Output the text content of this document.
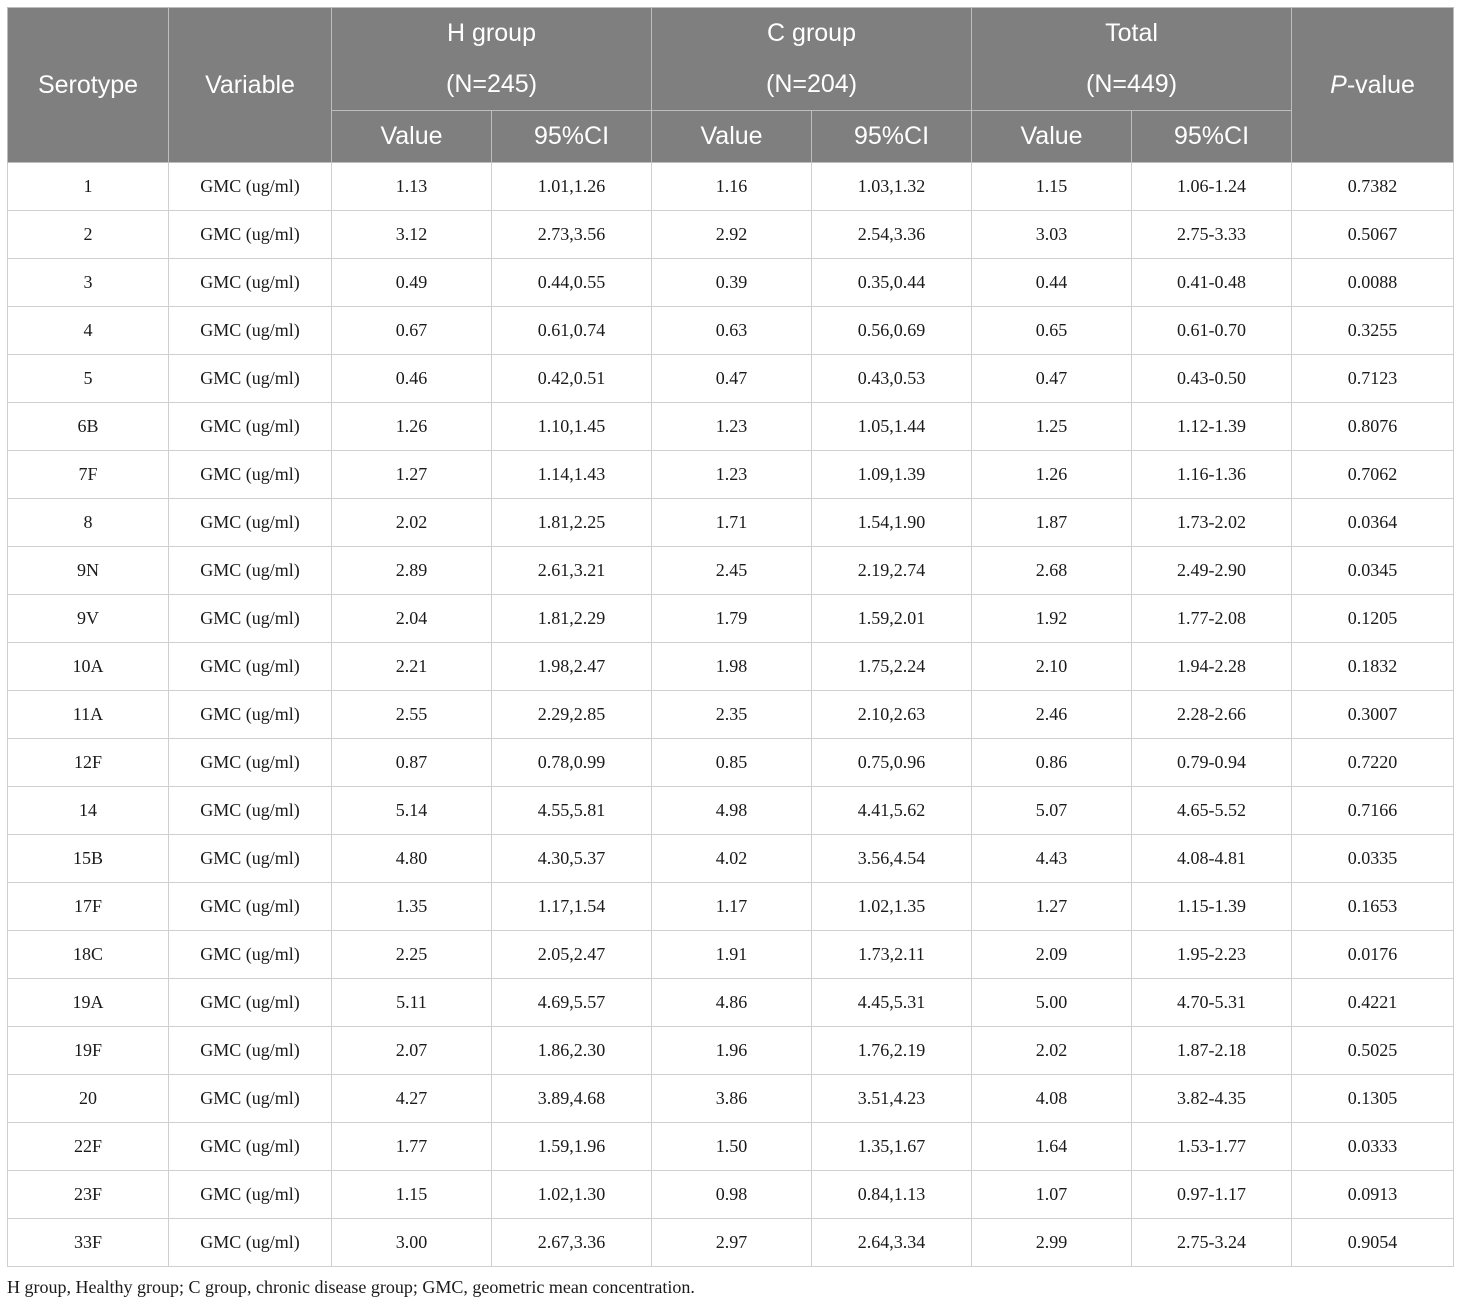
Serotype	Variable	H group		C group		Total		P-value
		(N=245)		(N=204)		(N=449)		
		Value	95%CI	Value	95%CI	Value	95%CI	
1	GMC (ug/ml)	1.13	1.01,1.26	1.16	1.03,1.32	1.15	1.06-1.24	0.7382
2	GMC (ug/ml)	3.12	2.73,3.56	2.92	2.54,3.36	3.03	2.75-3.33	0.5067
3	GMC (ug/ml)	0.49	0.44,0.55	0.39	0.35,0.44	0.44	0.41-0.48	0.0088
4	GMC (ug/ml)	0.67	0.61,0.74	0.63	0.56,0.69	0.65	0.61-0.70	0.3255
5	GMC (ug/ml)	0.46	0.42,0.51	0.47	0.43,0.53	0.47	0.43-0.50	0.7123
6B	GMC (ug/ml)	1.26	1.10,1.45	1.23	1.05,1.44	1.25	1.12-1.39	0.8076
7F	GMC (ug/ml)	1.27	1.14,1.43	1.23	1.09,1.39	1.26	1.16-1.36	0.7062
8	GMC (ug/ml)	2.02	1.81,2.25	1.71	1.54,1.90	1.87	1.73-2.02	0.0364
9N	GMC (ug/ml)	2.89	2.61,3.21	2.45	2.19,2.74	2.68	2.49-2.90	0.0345
9V	GMC (ug/ml)	2.04	1.81,2.29	1.79	1.59,2.01	1.92	1.77-2.08	0.1205
10A	GMC (ug/ml)	2.21	1.98,2.47	1.98	1.75,2.24	2.10	1.94-2.28	0.1832
11A	GMC (ug/ml)	2.55	2.29,2.85	2.35	2.10,2.63	2.46	2.28-2.66	0.3007
12F	GMC (ug/ml)	0.87	0.78,0.99	0.85	0.75,0.96	0.86	0.79-0.94	0.7220
14	GMC (ug/ml)	5.14	4.55,5.81	4.98	4.41,5.62	5.07	4.65-5.52	0.7166
15B	GMC (ug/ml)	4.80	4.30,5.37	4.02	3.56,4.54	4.43	4.08-4.81	0.0335
17F	GMC (ug/ml)	1.35	1.17,1.54	1.17	1.02,1.35	1.27	1.15-1.39	0.1653
18C	GMC (ug/ml)	2.25	2.05,2.47	1.91	1.73,2.11	2.09	1.95-2.23	0.0176
19A	GMC (ug/ml)	5.11	4.69,5.57	4.86	4.45,5.31	5.00	4.70-5.31	0.4221
19F	GMC (ug/ml)	2.07	1.86,2.30	1.96	1.76,2.19	2.02	1.87-2.18	0.5025
20	GMC (ug/ml)	4.27	3.89,4.68	3.86	3.51,4.23	4.08	3.82-4.35	0.1305
22F	GMC (ug/ml)	1.77	1.59,1.96	1.50	1.35,1.67	1.64	1.53-1.77	0.0333
23F	GMC (ug/ml)	1.15	1.02,1.30	0.98	0.84,1.13	1.07	0.97-1.17	0.0913
33F	GMC (ug/ml)	3.00	2.67,3.36	2.97	2.64,3.34	2.99	2.75-3.24	0.9054
H group, Healthy group; C group, chronic disease group; GMC, geometric mean concentration.
